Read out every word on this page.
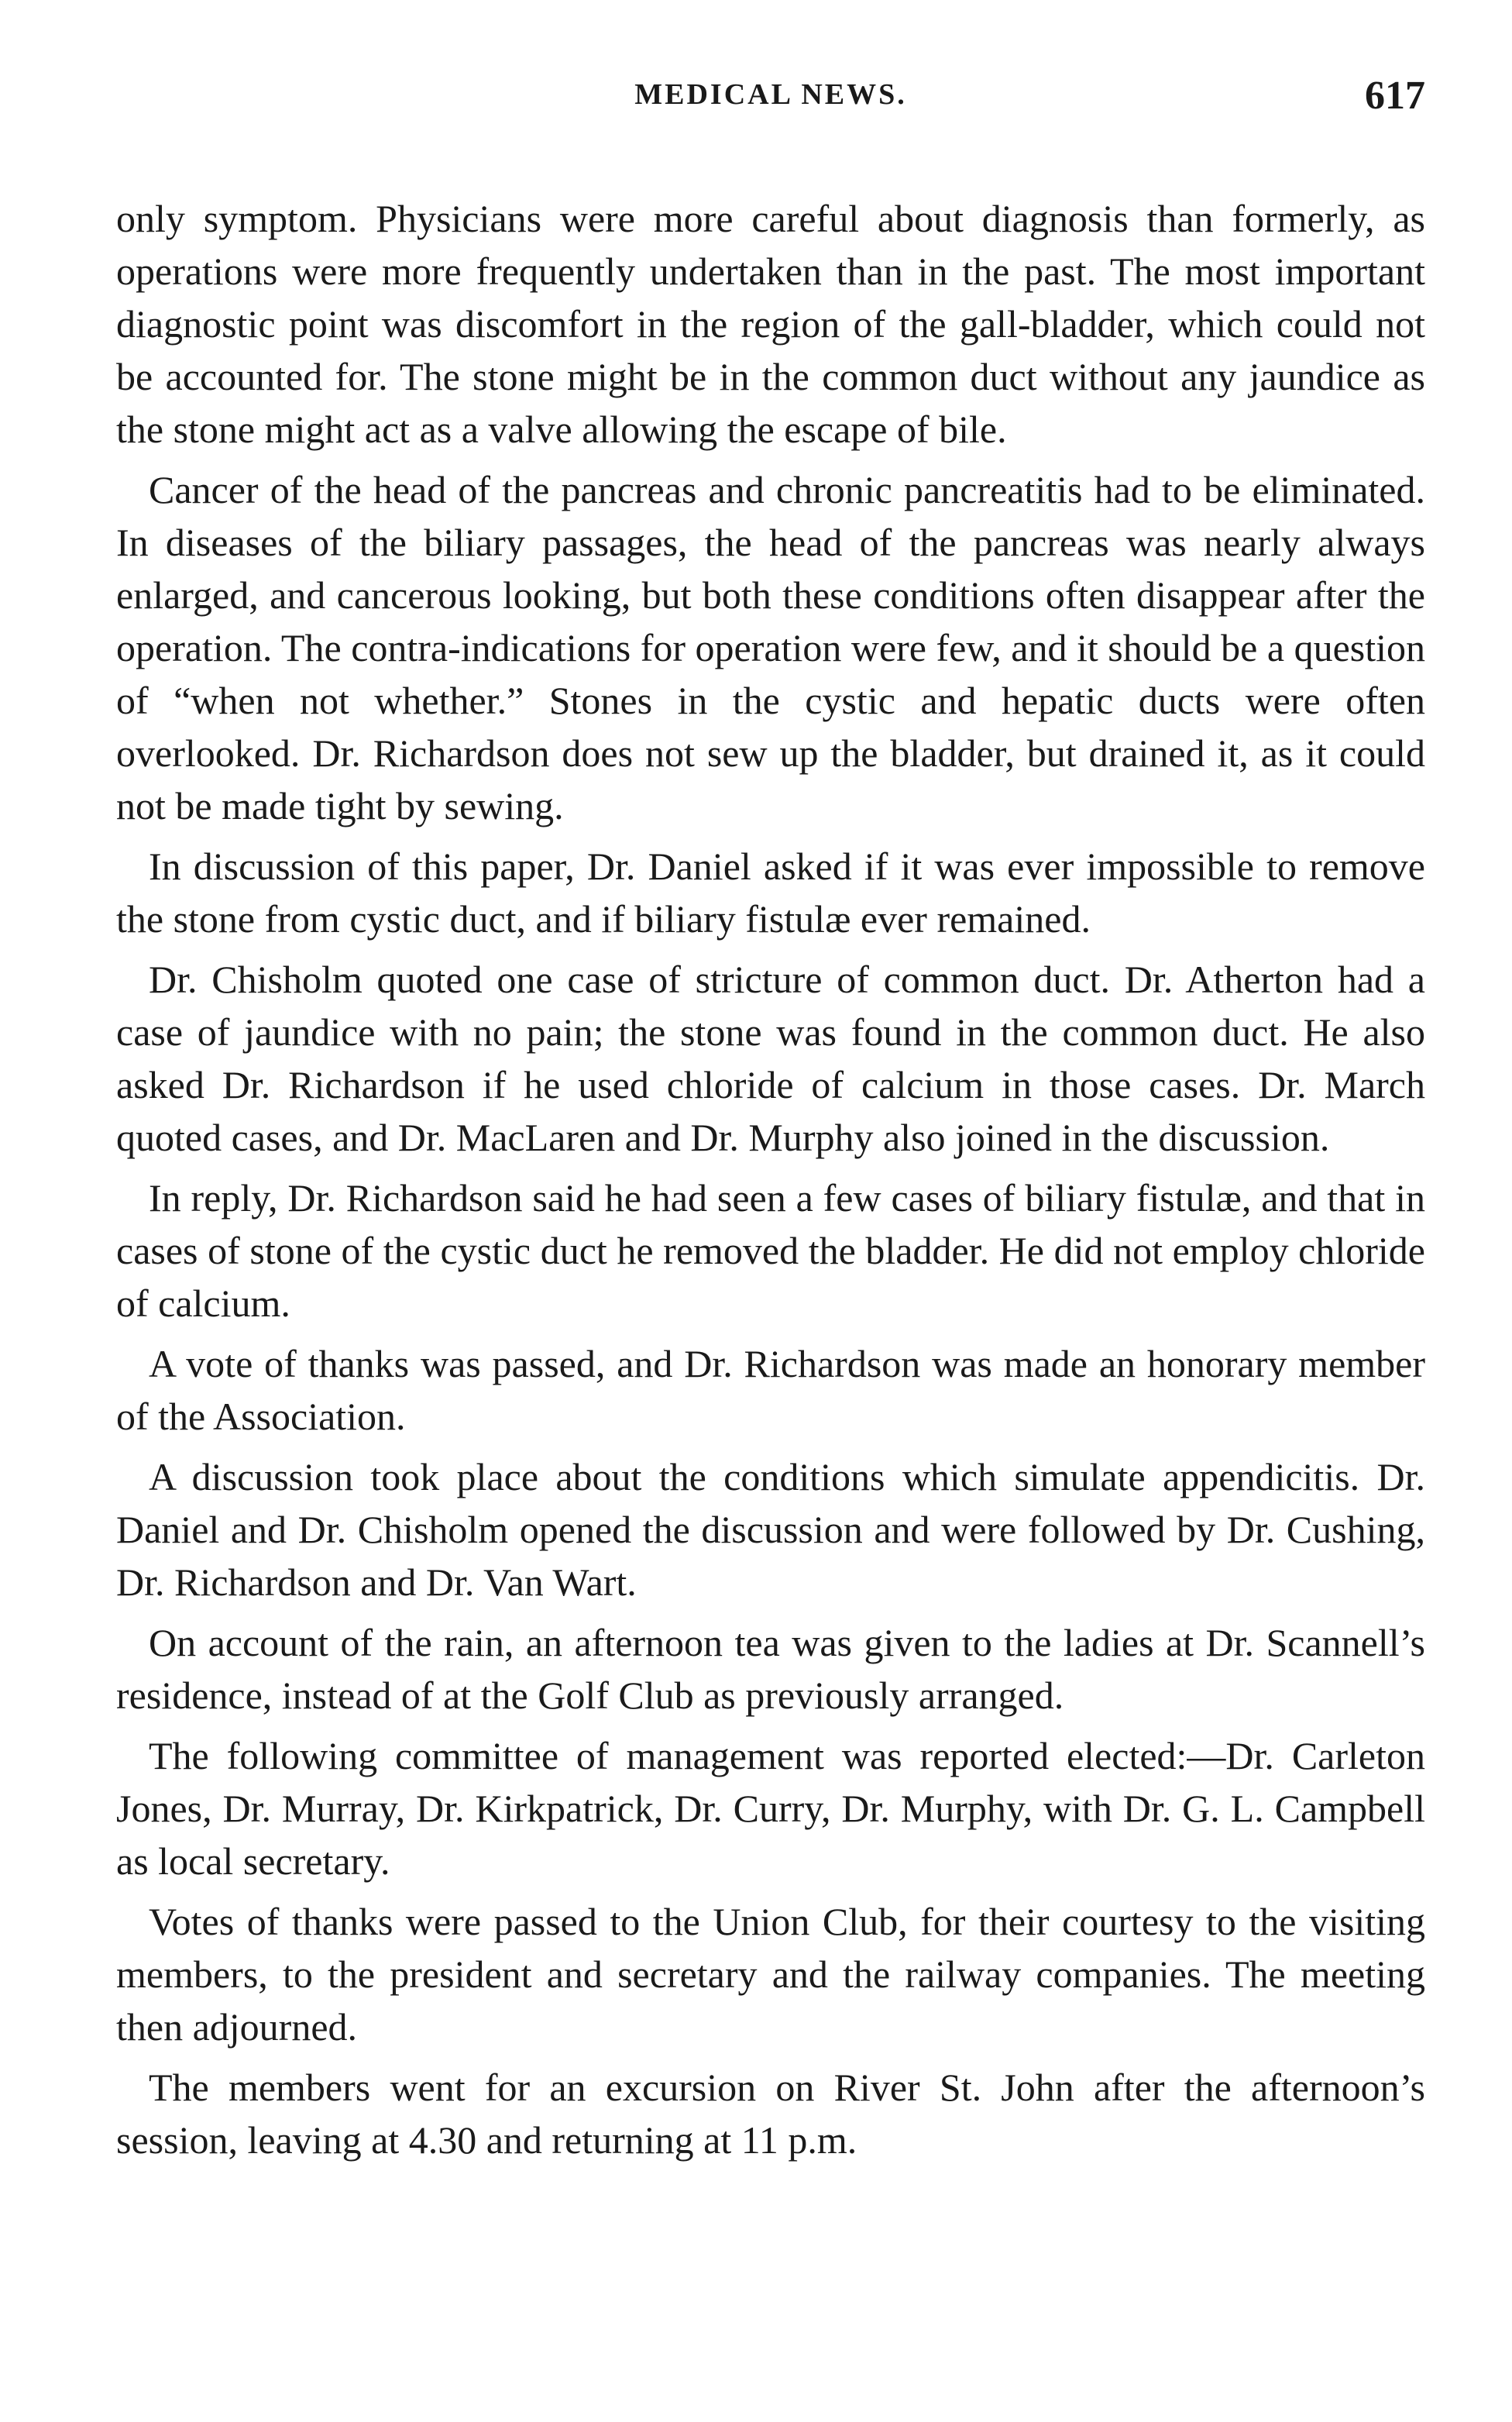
MEDICAL NEWS.	617

only symptom. Physicians were more careful about diagnosis than formerly, as operations were more frequently undertaken than in the past. The most important diagnostic point was discomfort in the region of the gall-bladder, which could not be accounted for. The stone might be in the common duct without any jaundice as the stone might act as a valve allowing the escape of bile.

Cancer of the head of the pancreas and chronic pancreatitis had to be eliminated. In diseases of the biliary passages, the head of the pancreas was nearly always enlarged, and cancerous looking, but both these conditions often disappear after the operation. The contra-indications for operation were few, and it should be a question of “when not whether.” Stones in the cystic and hepatic ducts were often overlooked. Dr. Richardson does not sew up the bladder, but drained it, as it could not be made tight by sewing.

In discussion of this paper, Dr. Daniel asked if it was ever impossible to remove the stone from cystic duct, and if biliary fistulæ ever remained.

Dr. Chisholm quoted one case of stricture of common duct. Dr. Atherton had a case of jaundice with no pain; the stone was found in the common duct. He also asked Dr. Richardson if he used chloride of calcium in those cases. Dr. March quoted cases, and Dr. MacLaren and Dr. Murphy also joined in the discussion.

In reply, Dr. Richardson said he had seen a few cases of biliary fistulæ, and that in cases of stone of the cystic duct he removed the bladder. He did not employ chloride of calcium.

A vote of thanks was passed, and Dr. Richardson was made an honorary member of the Association.

A discussion took place about the conditions which simulate appendicitis. Dr. Daniel and Dr. Chisholm opened the discussion and were followed by Dr. Cushing, Dr. Richardson and Dr. Van Wart.

On account of the rain, an afternoon tea was given to the ladies at Dr. Scannell’s residence, instead of at the Golf Club as previously arranged.

The following committee of management was reported elected:—Dr. Carleton Jones, Dr. Murray, Dr. Kirkpatrick, Dr. Curry, Dr. Murphy, with Dr. G. L. Campbell as local secretary.

Votes of thanks were passed to the Union Club, for their courtesy to the visiting members, to the president and secretary and the railway companies. The meeting then adjourned.

The members went for an excursion on River St. John after the afternoon’s session, leaving at 4.30 and returning at 11 p.m.
